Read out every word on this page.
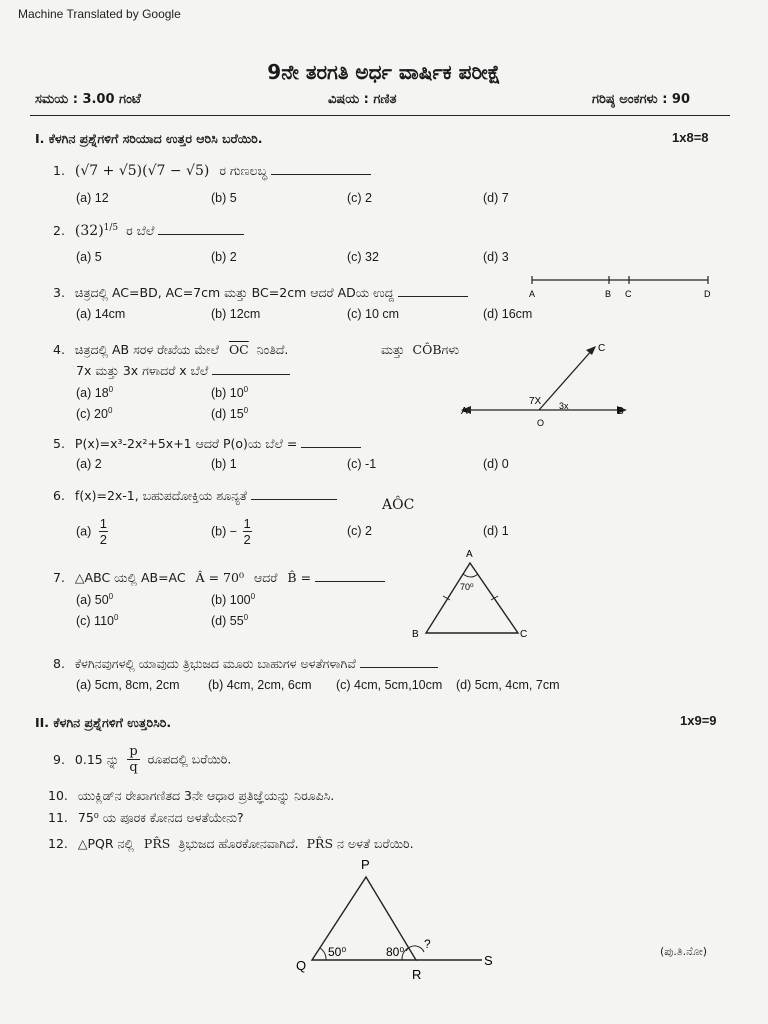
Machine Translated by Google
9ನೇ ತರಗತಿ ಅರ್ಧ ವಾರ್ಷಿಕ ಪರೀಕ್ಷೆ
ಸಮಯ : 3.00 ಗಂಟೆ	ವಿಷಯ : ಗಣಿತ	ಗರಿಷ್ಠ ಅಂಕಗಳು : 90
I. ಕೆಳಗಿನ ಪ್ರಶ್ನೆಗಳಿಗೆ ಸರಿಯಾದ ಉತ್ತರ ಆರಿಸಿ ಬರೆಯಿರಿ.	1x8=8
1. (√7 + √5)(√7 − √5) ರ ಗುಣಲಬ್ಧ
(a) 12	(b) 5	(c) 2	(d) 7
2. $(32)^{1/5}$ ರ ಬೆಲೆ
(a) 5	(b) 2	(c) 32	(d) 3
3. ಚಿತ್ರದಲ್ಲಿ AC=BD, AC=7cm ಮತ್ತು BC=2cm ಆದರೆ ADಯ ಉದ್ದ	A	B C	D
(a) 14cm	(b) 12cm	(c) 10 cm	(d) 16cm
4. ಚಿತ್ರದಲ್ಲಿ AB ಸರಳ ರೇಖೆಯ ಮೇಲೆ $\overline{OC}$ ನಿಂತಿದೆ.	ಮತ್ತು CÔBಗಳು
7x ಮತ್ತು 3x ಗಳಾದರೆ x ಬೆಲೆ
(a) $18^0$	(b) $10^0$
(c) $20^0$	(d) $15^0$
C
A	B
O
7X 3x
5. P(x)=x³-2x²+5x+1 ಆದರೆ P(o)ಯ ಬೆಲೆ =
(a) 2	(b) 1	(c) -1	(d) 0
6. f(x)=2x-1, ಬಹುಪದೋಕ್ತಿಯ ಶೂನ್ಯತೆ
AÔC
$(a) \frac{1}{2}$	$(b) - \frac{1}{2}$	(c) 2	(d) 1
7. △ABC ಯಲ್ಲಿ AB=AC Â = 70⁰ ಆದರೆ B̂ =
(a) $50^0$	(b) $100^0$
(c) $110^0$	(d) $55^0$
A
B	C
70⁰
8. ಕೆಳಗಿನವುಗಳಲ್ಲಿ ಯಾವುದು ತ್ರಿಭುಜದ ಮೂರು ಬಾಹುಗಳ ಅಳತೆಗಳಾಗಿವೆ
(a) 5cm, 8cm, 2cm (b) 4cm, 2cm, 6cm (c) 4cm, 5cm,10cm (d) 5cm, 4cm, 7cm
II. ಕೆಳಗಿನ ಪ್ರಶ್ನೆಗಳಿಗೆ ಉತ್ತರಿಸಿರಿ.	1x9=9
9. 0.15 ನ್ನು $\frac{p}{q}$ ರೂಪದಲ್ಲಿ ಬರೆಯಿರಿ.
10. ಯುಕ್ಲಿಡ್‌ನ ರೇಖಾಗಣಿತದ 3ನೇ ಆಧಾರ ಪ್ರತಿಜ್ಞೆಯನ್ನು ನಿರೂಪಿಸಿ.
11. 75⁰ ಯ ಪೂರಕ ಕೋನದ ಅಳತೆಯೇನು?
12. △PQR ನಲ್ಲಿ PR̂S ತ್ರಿಭುಜದ ಹೊರಕೋನವಾಗಿದೆ. PR̂S ನ ಅಳತೆ ಬರೆಯಿರಿ.
P
Q
R
S
50⁰	80⁰
?
(ಪು.ತಿ.ನೋ)
